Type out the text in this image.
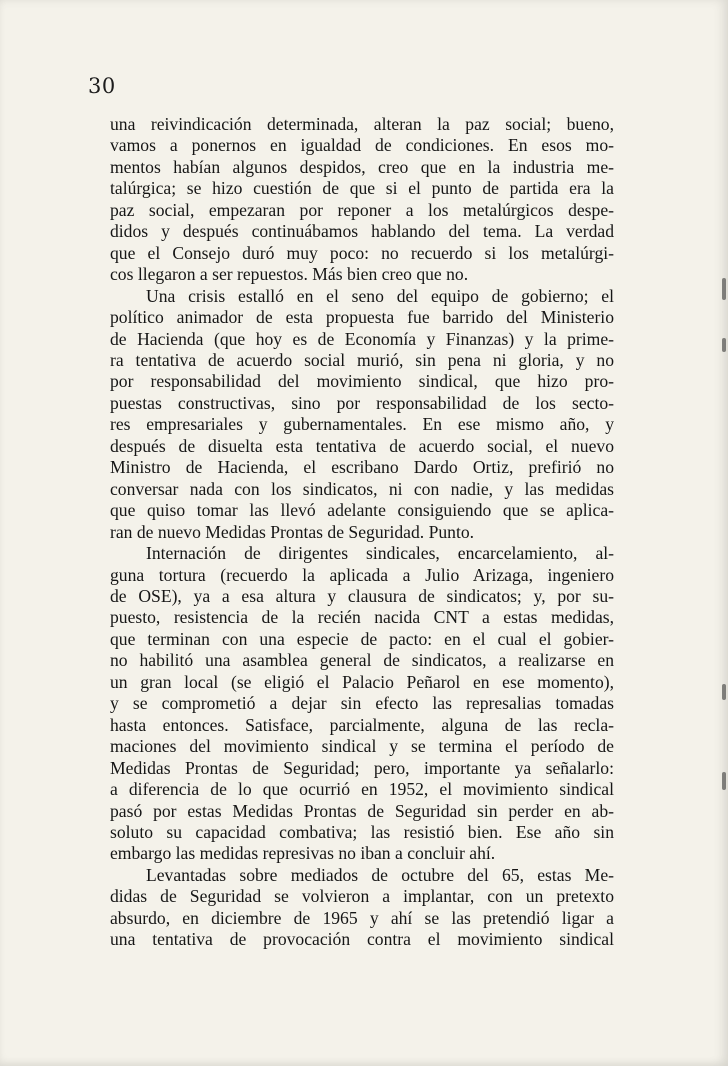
30

una reivindicación determinada, alteran la paz social; bueno,
vamos a ponernos en igualdad de condiciones. En esos mo-
mentos habían algunos despidos, creo que en la industria me-
talúrgica; se hizo cuestión de que si el punto de partida era la
paz social, empezaran por reponer a los metalúrgicos despe-
didos y después continuábamos hablando del tema. La verdad
que el Consejo duró muy poco: no recuerdo si los metalúrgi-
cos llegaron a ser repuestos. Más bien creo que no.

Una crisis estalló en el seno del equipo de gobierno; el
político animador de esta propuesta fue barrido del Ministerio
de Hacienda (que hoy es de Economía y Finanzas) y la prime-
ra tentativa de acuerdo social murió, sin pena ni gloria, y no
por responsabilidad del movimiento sindical, que hizo pro-
puestas constructivas, sino por responsabilidad de los secto-
res empresariales y gubernamentales. En ese mismo año, y
después de disuelta esta tentativa de acuerdo social, el nuevo
Ministro de Hacienda, el escribano Dardo Ortiz, prefirió no
conversar nada con los sindicatos, ni con nadie, y las medidas
que quiso tomar las llevó adelante consiguiendo que se aplica-
ran de nuevo Medidas Prontas de Seguridad. Punto.

Internación de dirigentes sindicales, encarcelamiento, al-
guna tortura (recuerdo la aplicada a Julio Arizaga, ingeniero
de OSE), ya a esa altura y clausura de sindicatos; y, por su-
puesto, resistencia de la recién nacida CNT a estas medidas,
que terminan con una especie de pacto: en el cual el gobier-
no habilitó una asamblea general de sindicatos, a realizarse en
un gran local (se eligió el Palacio Peñarol en ese momento),
y se comprometió a dejar sin efecto las represalias tomadas
hasta entonces. Satisface, parcialmente, alguna de las recla-
maciones del movimiento sindical y se termina el período de
Medidas Prontas de Seguridad; pero, importante ya señalarlo:
a diferencia de lo que ocurrió en 1952, el movimiento sindical
pasó por estas Medidas Prontas de Seguridad sin perder en ab-
soluto su capacidad combativa; las resistió bien. Ese año sin
embargo las medidas represivas no iban a concluir ahí.

Levantadas sobre mediados de octubre del 65, estas Me-
didas de Seguridad se volvieron a implantar, con un pretexto
absurdo, en diciembre de 1965 y ahí se las pretendió ligar a
una tentativa de provocación contra el movimiento sindical
